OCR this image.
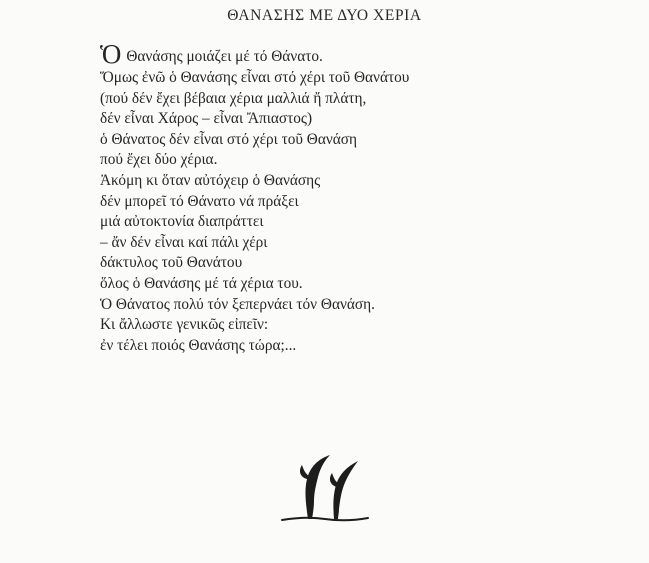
ΘΑΝΑΣΗΣ ΜΕ ΔΥΟ ΧΕΡΙΑ
Ὁ Θανάσης μοιάζει μέ τό Θάνατο.
Ὅμως ἐνῶ ὁ Θανάσης εἶναι στό χέρι τοῦ Θανάτου
(πού δέν ἔχει βέβαια χέρια μαλλιά ἤ πλάτη,
δέν εἶναι Χάρος – εἶναι Ἄπιαστος)
ὁ Θάνατος δέν εἶναι στό χέρι τοῦ Θανάση
πού ἔχει δύο χέρια.
Ἀκόμη κι ὅταν αὐτόχειρ ὁ Θανάσης
δέν μπορεῖ τό Θάνατο νά πράξει
μιά αὐτοκτονία διαπράττει
– ἄν δέν εἶναι καί πάλι χέρι
δάκτυλος τοῦ Θανάτου
ὅλος ὁ Θανάσης μέ τά χέρια του.
Ὁ Θάνατος πολύ τόν ξεπερνάει τόν Θανάση.
Κι ἄλλωστε γενικῶς εἰπεῖν:
ἐν τέλει ποιός Θανάσης τώρα;...
